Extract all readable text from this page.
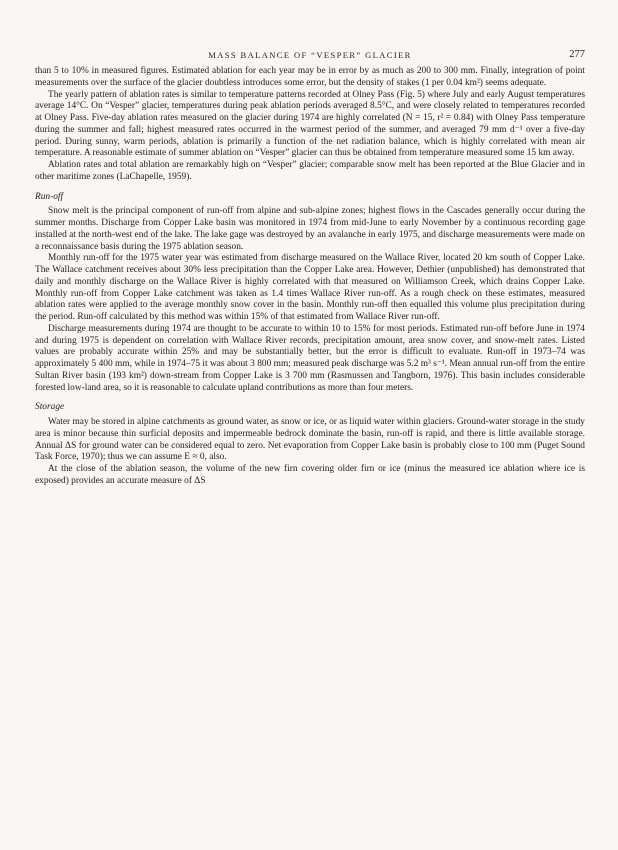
MASS BALANCE OF “VESPER” GLACIER	277

than 5 to 10% in measured figures. Estimated ablation for each year may be in error by as much as 200 to 300 mm. Finally, integration of point measurements over the surface of the glacier doubtless introduces some error, but the density of stakes (1 per 0.04 km²) seems adequate.

The yearly pattern of ablation rates is similar to temperature patterns recorded at Olney Pass (Fig. 5) where July and early August temperatures average 14°C. On “Vesper” glacier, temperatures during peak ablation periods averaged 8.5°C, and were closely related to temperatures recorded at Olney Pass. Five-day ablation rates measured on the glacier during 1974 are highly correlated (N = 15, r² = 0.84) with Olney Pass temperature during the summer and fall; highest measured rates occurred in the warmest period of the summer, and averaged 79 mm d⁻¹ over a five-day period. During sunny, warm periods, ablation is primarily a function of the net radiation balance, which is highly correlated with mean air temperature. A reasonable estimate of summer ablation on “Vesper” glacier can thus be obtained from temperature measured some 15 km away.

Ablation rates and total ablation are remarkably high on “Vesper” glacier; comparable snow melt has been reported at the Blue Glacier and in other maritime zones (LaChapelle, 1959).

Run-off

Snow melt is the principal component of run-off from alpine and sub-alpine zones; highest flows in the Cascades generally occur during the summer months. Discharge from Copper Lake basin was monitored in 1974 from mid-June to early November by a continuous recording gage installed at the north-west end of the lake. The lake gage was destroyed by an avalanche in early 1975, and discharge measurements were made on a reconnaissance basis during the 1975 ablation season.

Monthly run-off for the 1975 water year was estimated from discharge measured on the Wallace River, located 20 km south of Copper Lake. The Wallace catchment receives about 30% less precipitation than the Copper Lake area. However, Dethier (unpublished) has demonstrated that daily and monthly discharge on the Wallace River is highly correlated with that measured on Williamson Creek, which drains Copper Lake. Monthly run-off from Copper Lake catchment was taken as 1.4 times Wallace River run-off. As a rough check on these estimates, measured ablation rates were applied to the average monthly snow cover in the basin. Monthly run-off then equalled this volume plus precipitation during the period. Run-off calculated by this method was within 15% of that estimated from Wallace River run-off.

Discharge measurements during 1974 are thought to be accurate to within 10 to 15% for most periods. Estimated run-off before June in 1974 and during 1975 is dependent on correlation with Wallace River records, precipitation amount, area snow cover, and snow-melt rates. Listed values are probably accurate within 25% and may be substantially better, but the error is difficult to evaluate. Run-off in 1973–74 was approximately 5 400 mm, while in 1974–75 it was about 3 800 mm; measured peak discharge was 5.2 m³ s⁻¹. Mean annual run-off from the entire Sultan River basin (193 km²) down-stream from Copper Lake is 3 700 mm (Rasmussen and Tangborn, 1976). This basin includes considerable forested low-land area, so it is reasonable to calculate upland contributions as more than four meters.

Storage

Water may be stored in alpine catchments as ground water, as snow or ice, or as liquid water within glaciers. Ground-water storage in the study area is minor because thin surficial deposits and impermeable bedrock dominate the basin, run-off is rapid, and there is little available storage. Annual ΔS for ground water can be considered equal to zero. Net evaporation from Copper Lake basin is probably close to 100 mm (Puget Sound Task Force, 1970); thus we can assume E ≈ 0, also.

At the close of the ablation season, the volume of the new firn covering older firn or ice (minus the measured ice ablation where ice is exposed) provides an accurate measure of ΔS
